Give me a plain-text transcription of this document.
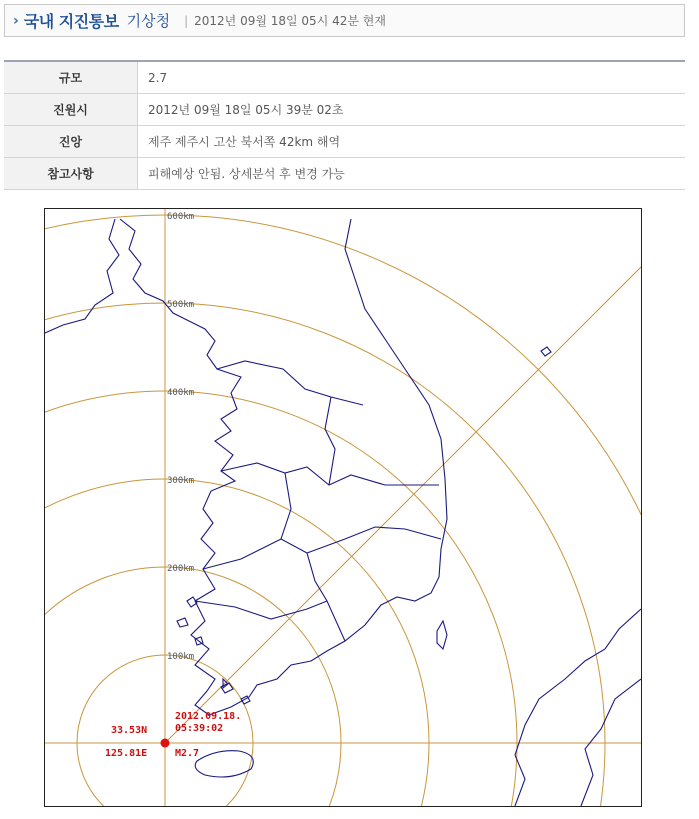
› 국내 지진통보 기상청 | 2012년 09월 18일 05시 42분 현재
규모	2.7
진원시	2012년 09월 18일 05시 39분 02초
진앙	제주 제주시 고산 북서쪽 42km 해역
참고사항	피해예상 안됨. 상세분석 후 변경 가능
100km
200km
300km
400km
500km
600km
2012.09.18.
05:39:02
33.53N
125.81E	M2.7
